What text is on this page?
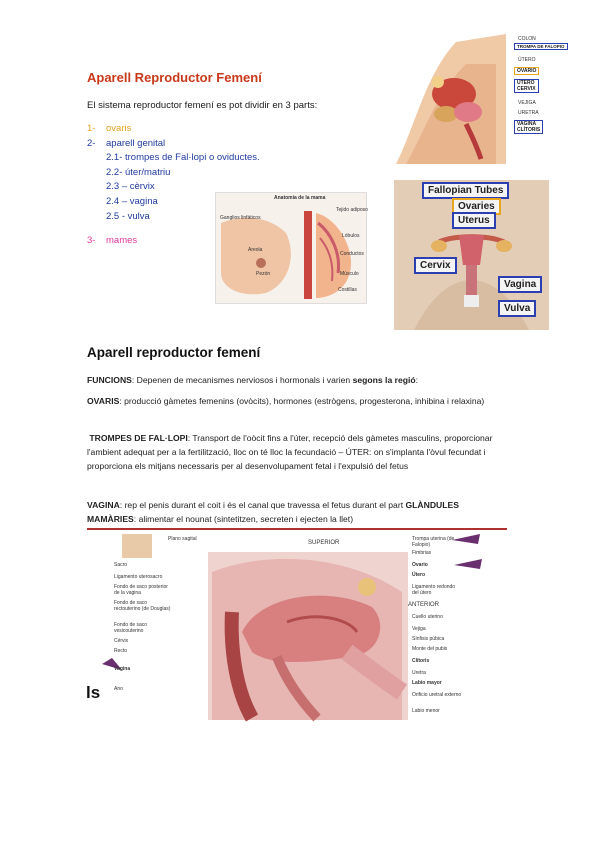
Aparell Reproductor Femení
El sistema reproductor femení es pot dividir en 3 parts:
1- ovaris
2- aparell genital
2.1- trompes de Fal·lopi o oviductes.
2.2- úter/matriu
2.3 – cèrvix
2.4 – vagina
2.5 - vulva
3- mames
COLON
TROMPA DE FALOPIO
ÚTERO
OVARIO
ÚTERO
CERVIX
VEJIGA
URETRA
VAGINA
CLÍTORIS
Anatomía de la mama
Ganglios linfáticos
Areola
Pezón
Tejido adiposo
Lóbulos
Conductos
Músculo
Costillas
Fallopian Tubes
Ovaries
Uterus
Cervix
Vagina
Vulva
Aparell reproductor femení
FUNCIONS: Depenen de mecanismes nerviosos i hormonals i varien segons la regió:
OVARIS: producció gàmetes femenins (ovòcits), hormones (estrògens, progesterona, inhibina i relaxina)
TROMPES DE FAL·LOPI: Transport de l'oòcit fins a l'úter, recepció dels gàmetes masculins, proporcionar l'ambient adequat per a la fertilització, lloc on té lloc la fecundació – ÚTER: on s'implanta l'òvul fecundat i proporciona els mitjans necessaris per al desenvolupament fetal i l'expulsió del fetus
VAGINA: rep el penis durant el coit i és el canal que travessa el fetus durant el part GLÀNDULES MAMÀRIES: alimentar el nounat (sintetitzen, secreten i ejecten la llet)
Plano sagital
SUPERIOR
ANTERIOR
Sacro
Ligamento uterosacro
Fondo de saco posterior de la vagina
Fondo de saco rectouterino (de Douglas)
Fondo de saco vesicouterino
Cérvix
Recto
Vagina
Ano
Trompa uterina (de Falopio)
Fimbrias
Ovario
Útero
Ligamento redondo del útero
Cuello uterino
Vejiga
Sínfisis púbica
Monte del pubis
Clítoris
Uretra
Labio mayor
Orificio uretral externo
Labio menor
ls
